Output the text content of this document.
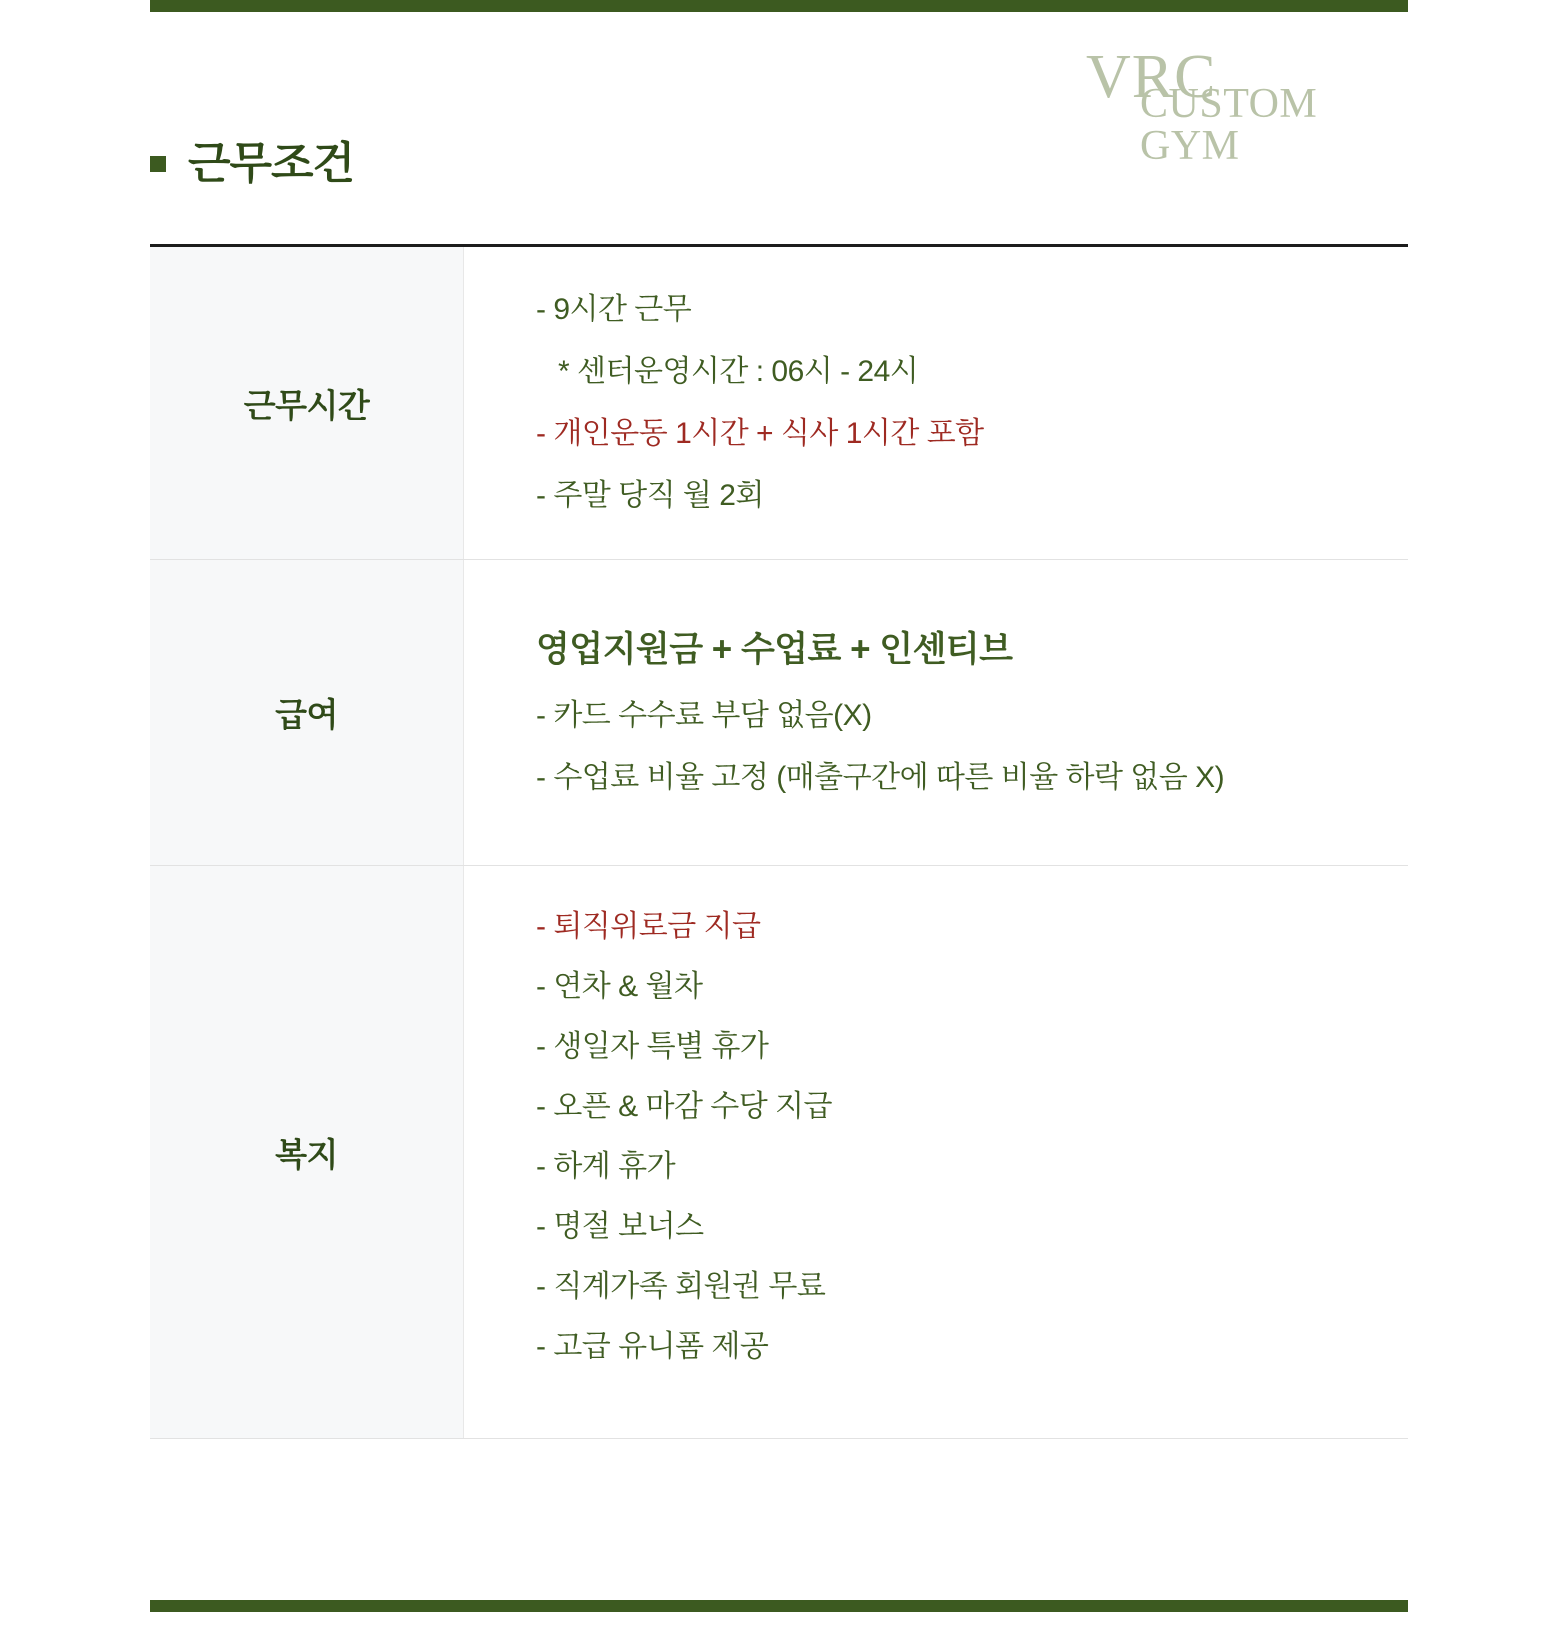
근무조건
VRC
CUSTOM
GYM
근무시간

- 9시간 근무

* 센터운영시간 : 06시 - 24시

- 개인운동 1시간 + 식사 1시간 포함

- 주말 당직 월 2회

급여

영업지원금 + 수업료 + 인센티브

- 카드 수수료 부담 없음(X)

- 수업료 비율 고정 (매출구간에 따른 비율 하락 없음 X)

복지

- 퇴직위로금 지급

- 연차 & 월차

- 생일자 특별 휴가

- 오픈 & 마감 수당 지급

- 하계 휴가

- 명절 보너스

- 직계가족 회원권 무료

- 고급 유니폼 제공
